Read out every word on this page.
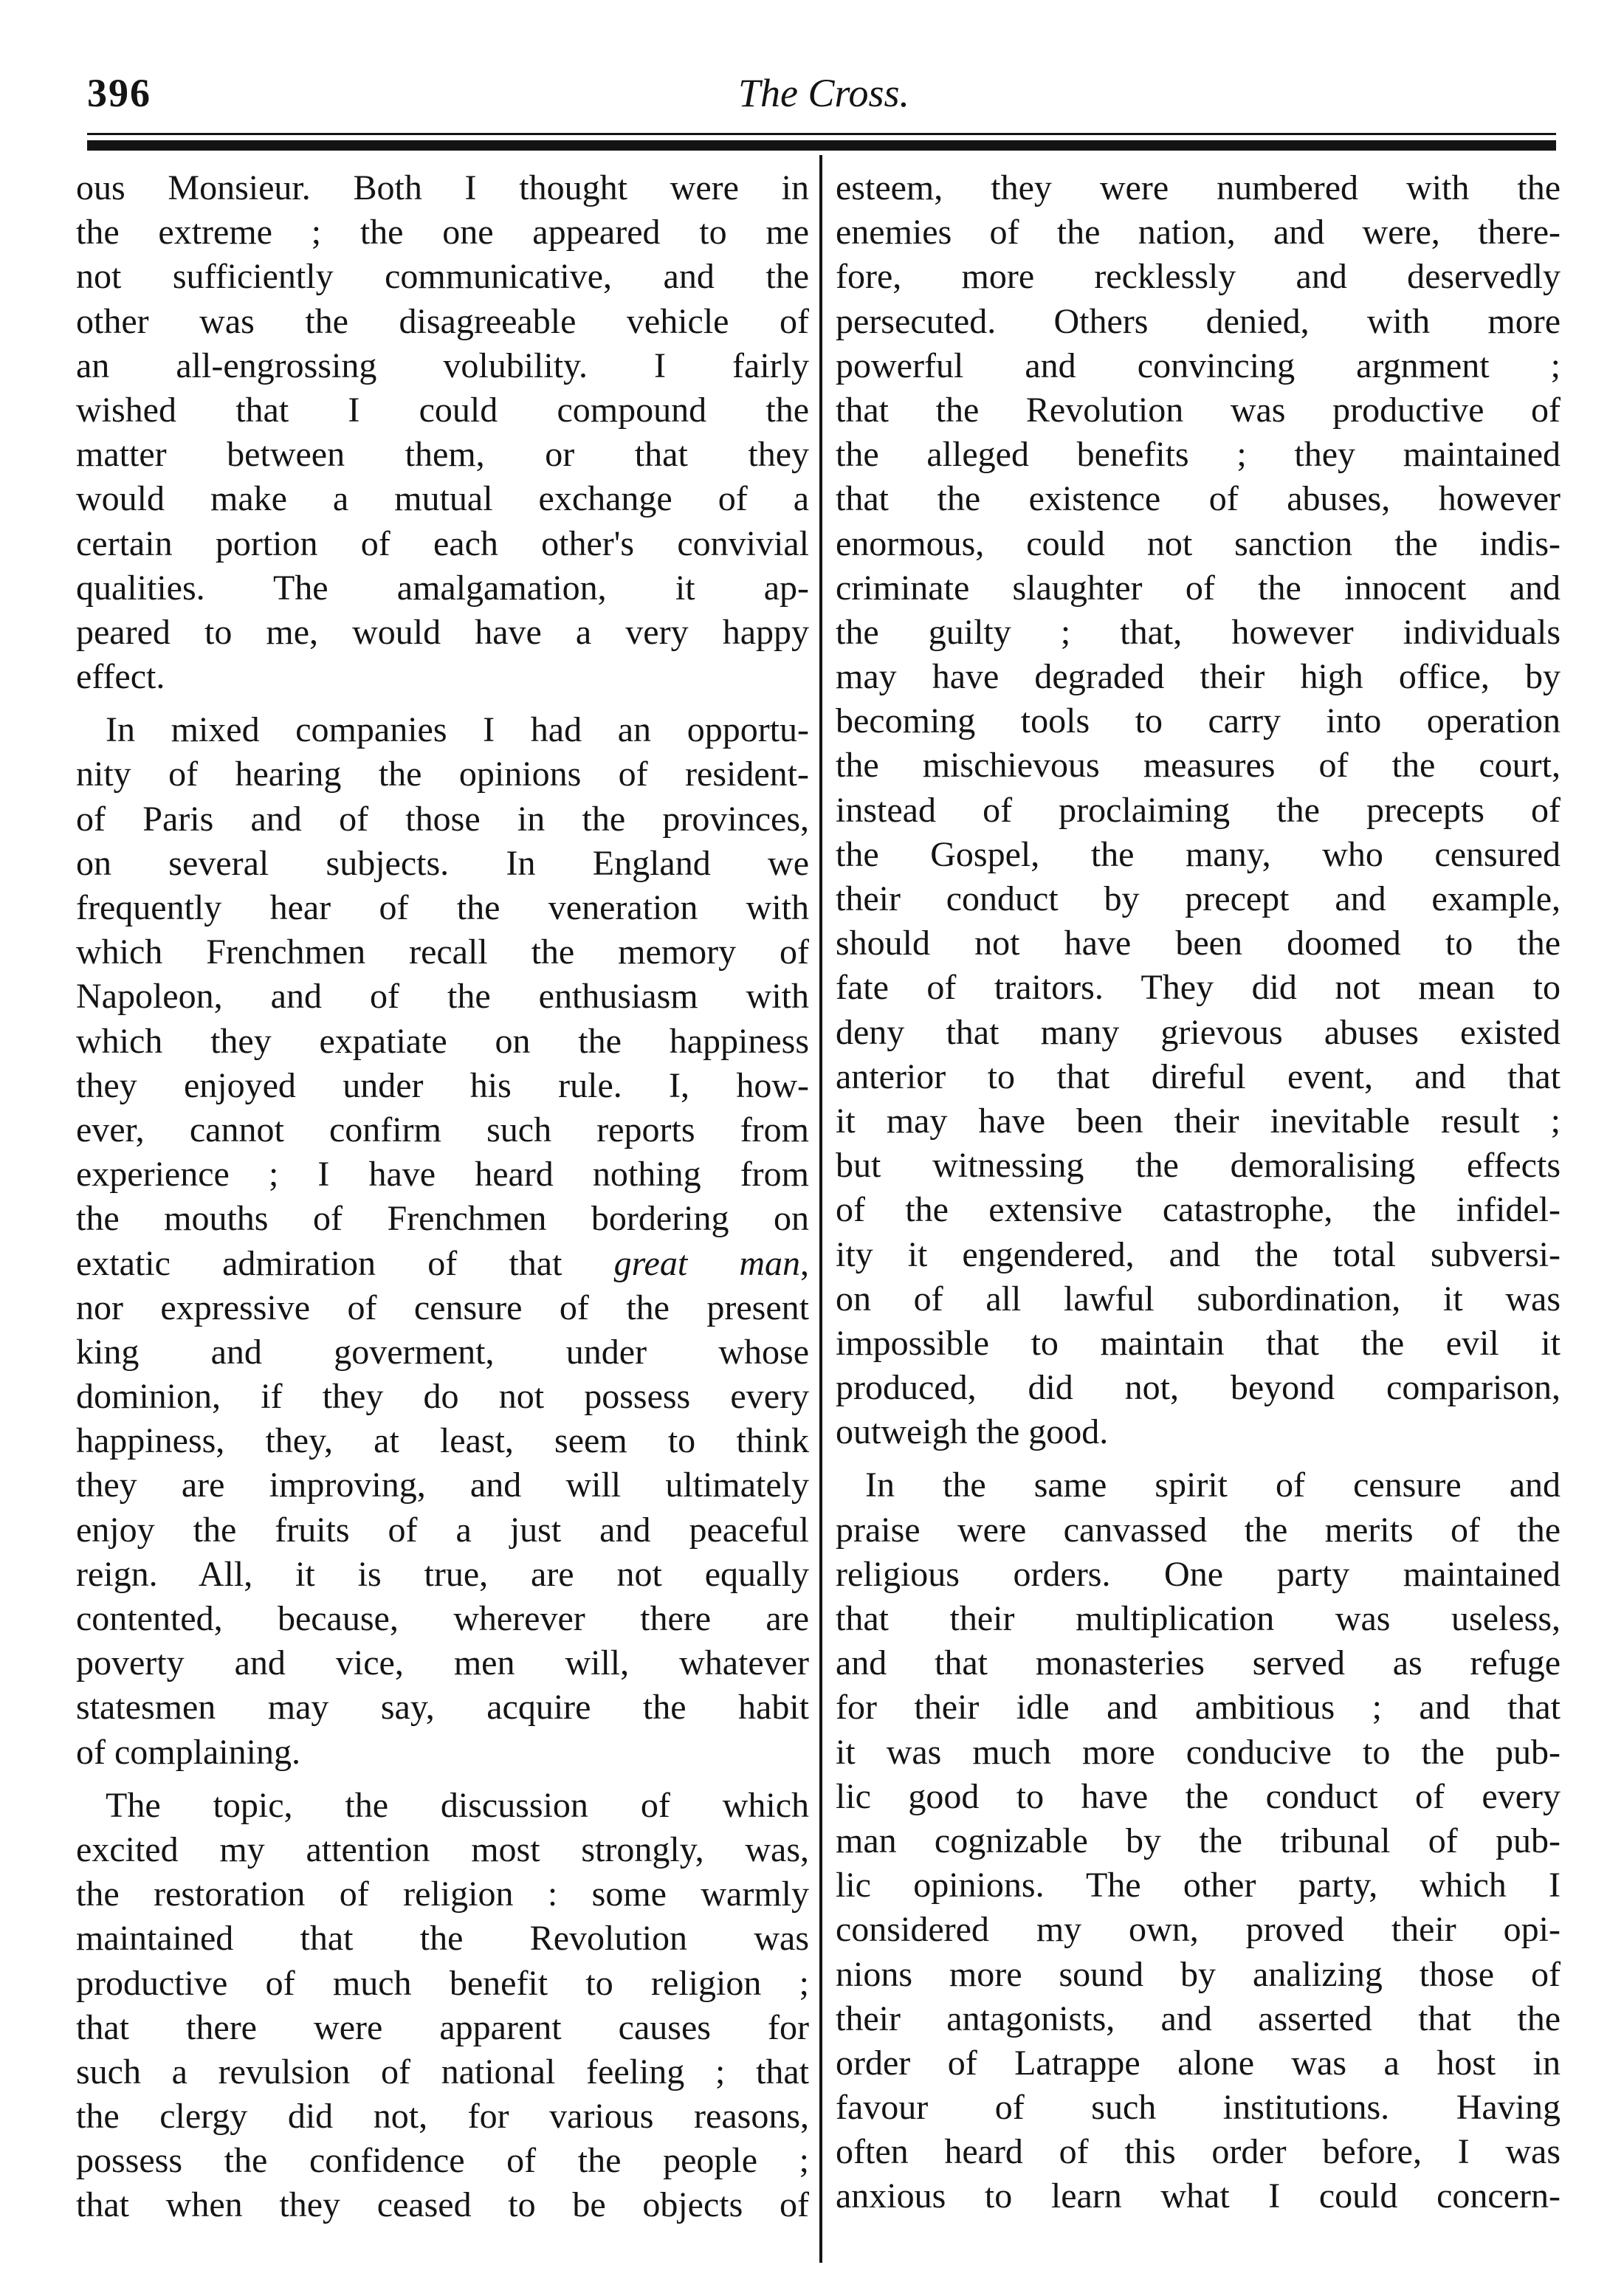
396	The Cross.
ous Monsieur. Both I thought were in
the extreme ; the one appeared to me
not sufficiently communicative, and the
other was the disagreeable vehicle of
an all-engrossing volubility. I fairly
wished that I could compound the
matter between them, or that they
would make a mutual exchange of a
certain portion of each other's convivial
qualities. The amalgamation, it ap-
peared to me, would have a very happy
effect.
In mixed companies I had an opportu-
nity of hearing the opinions of resident-
of Paris and of those in the provinces,
on several subjects. In England we
frequently hear of the veneration with
which Frenchmen recall the memory of
Napoleon, and of the enthusiasm with
which they expatiate on the happiness
they enjoyed under his rule. I, how-
ever, cannot confirm such reports from
experience ; I have heard nothing from
the mouths of Frenchmen bordering on
extatic admiration of that great man,
nor expressive of censure of the present
king and goverment, under whose
dominion, if they do not possess every
happiness, they, at least, seem to think
they are improving, and will ultimately
enjoy the fruits of a just and peaceful
reign. All, it is true, are not equally
contented, because, wherever there are
poverty and vice, men will, whatever
statesmen may say, acquire the habit
of complaining.
The topic, the discussion of which
excited my attention most strongly, was,
the restoration of religion : some warmly
maintained that the Revolution was
productive of much benefit to religion ;
that there were apparent causes for
such a revulsion of national feeling ; that
the clergy did not, for various reasons,
possess the confidence of the people ;
that when they ceased to be objects of
esteem, they were numbered with the
enemies of the nation, and were, there-
fore, more recklessly and deservedly
persecuted. Others denied, with more
powerful and convincing argnment ;
that the Revolution was productive of
the alleged benefits ; they maintained
that the existence of abuses, however
enormous, could not sanction the indis-
criminate slaughter of the innocent and
the guilty ; that, however individuals
may have degraded their high office, by
becoming tools to carry into operation
the mischievous measures of the court,
instead of proclaiming the precepts of
the Gospel, the many, who censured
their conduct by precept and example,
should not have been doomed to the
fate of traitors. They did not mean to
deny that many grievous abuses existed
anterior to that direful event, and that
it may have been their inevitable result ;
but witnessing the demoralising effects
of the extensive catastrophe, the infidel-
ity it engendered, and the total subversi-
on of all lawful subordination, it was
impossible to maintain that the evil it
produced, did not, beyond comparison,
outweigh the good.
In the same spirit of censure and
praise were canvassed the merits of the
religious orders. One party maintained
that their multiplication was useless,
and that monasteries served as refuge
for their idle and ambitious ; and that
it was much more conducive to the pub-
lic good to have the conduct of every
man cognizable by the tribunal of pub-
lic opinions. The other party, which I
considered my own, proved their opi-
nions more sound by analizing those of
their antagonists, and asserted that the
order of Latrappe alone was a host in
favour of such institutions. Having
often heard of this order before, I was
anxious to learn what I could concern-
